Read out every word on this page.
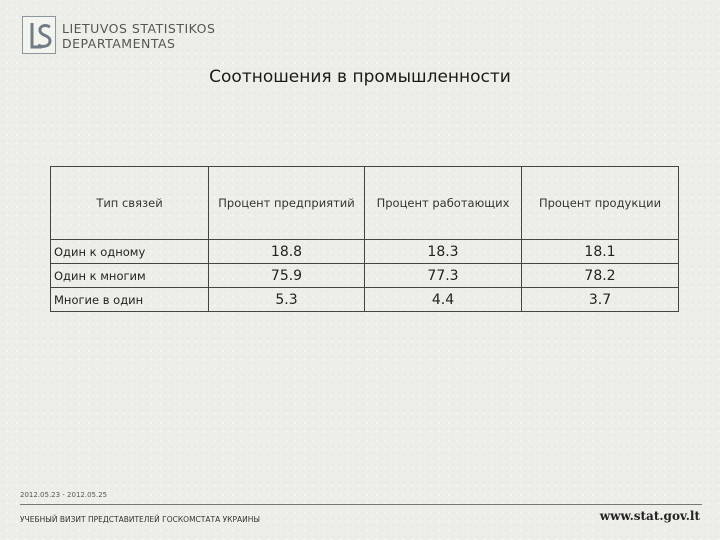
LIETUVOS STATISTIKOS
DEPARTAMENTAS
Соотношения в промышленности
Тип связей	Процент предприятий	Процент работающих	Процент продукции
Один к одному	18.8	18.3	18.1
Один к многим	75.9	77.3	78.2
Многие в один	5.3	4.4	3.7
2012.05.23 - 2012.05.25
УЧЕБНЫЙ ВИЗИТ ПРЕДСТАВИТЕЛЕЙ ГОСКОМСТАТА УКРАИНЫ	www.stat.gov.lt
